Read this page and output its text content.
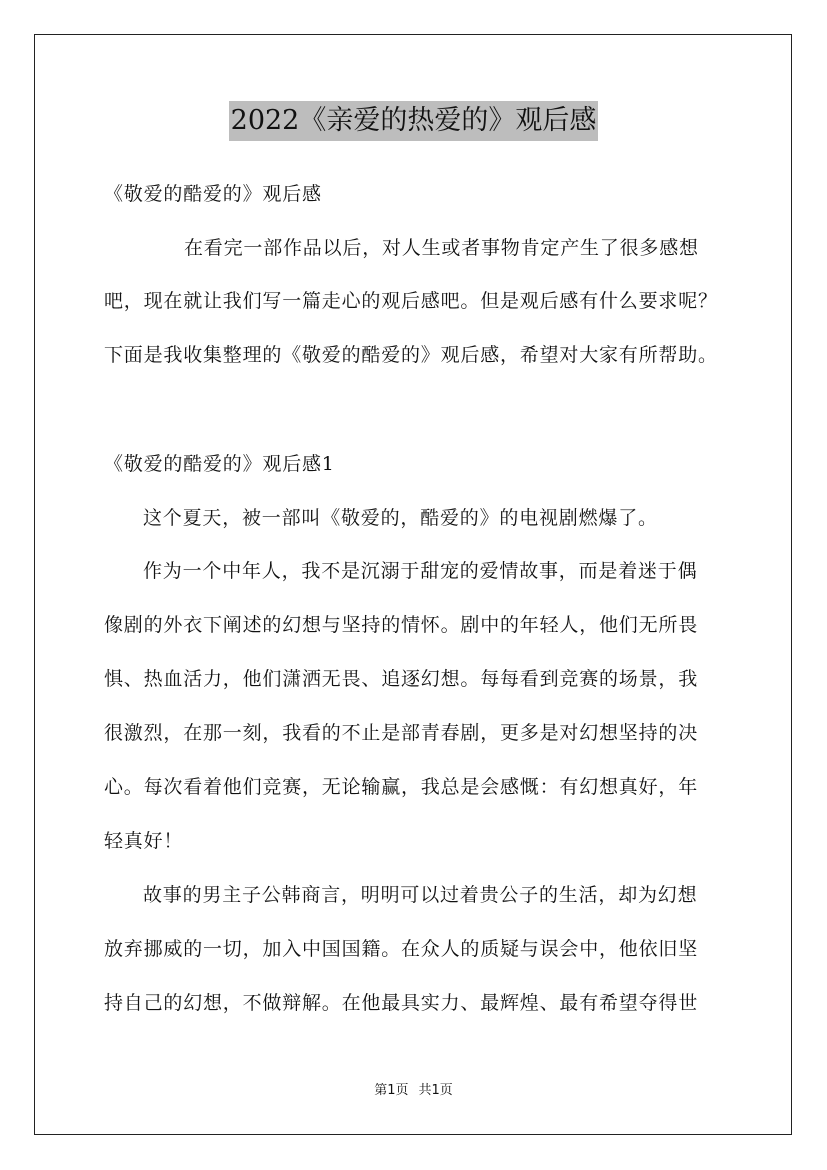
2022《亲爱的热爱的》观后感
《敬爱的酷爱的》观后感
在看完一部作品以后，对人生或者事物肯定产生了很多感想
吧，现在就让我们写一篇走心的观后感吧。但是观后感有什么要求呢？
下面是我收集整理的《敬爱的酷爱的》观后感，希望对大家有所帮助。
《敬爱的酷爱的》观后感1
这个夏天，被一部叫《敬爱的，酷爱的》的电视剧燃爆了。
作为一个中年人，我不是沉溺于甜宠的爱情故事，而是着迷于偶
像剧的外衣下阐述的幻想与坚持的情怀。剧中的年轻人，他们无所畏
惧、热血活力，他们潇洒无畏、追逐幻想。每每看到竞赛的场景，我
很激烈，在那一刻，我看的不止是部青春剧，更多是对幻想坚持的决
心。每次看着他们竞赛，无论输赢，我总是会感慨：有幻想真好，年
轻真好！
故事的男主子公韩商言，明明可以过着贵公子的生活，却为幻想
放弃挪威的一切，加入中国国籍。在众人的质疑与误会中，他依旧坚
持自己的幻想，不做辩解。在他最具实力、最辉煌、最有希望夺得世
第1页 共1页
